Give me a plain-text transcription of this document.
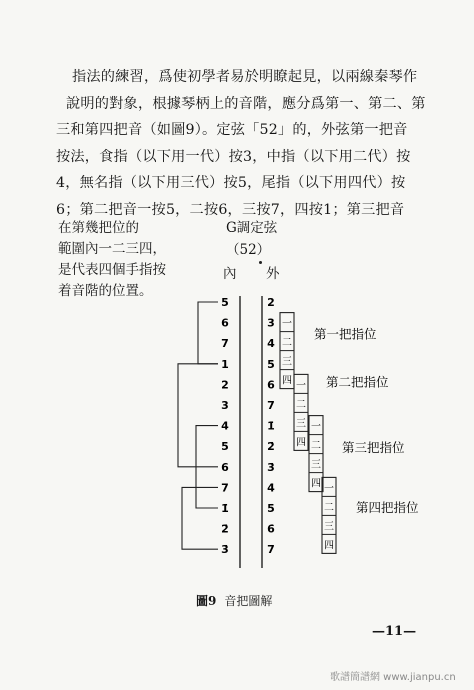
指法的練習，爲使初學者易於明瞭起見，以兩線秦琴作
說明的對象，根據琴柄上的音階，應分爲第一、第二、第
三和第四把音（如圖9）。定弦「52」的，外弦第一把音
按法，食指（以下用一代）按3，中指（以下用二代）按
4，無名指（以下用三代）按5，尾指（以下用四代）按
6；第二把音一按5，二按6，三按7，四按1；第三把音
在第幾把位的
範圍內一二三四，
是代表四個手指按
着音階的位置。
G調定弦
（52）
內 外
5
6
7
1
2
3
4
5
6
7
1̇
2̇
3̇
2
3
4
5
6
7
1̇
2̇
3̇
4̇
5̇
6̇
7̇
一
二
三
四
第一把指位
一
二
三
四
第二把指位
一
二
三
四
第三把指位
一
二
三
四
第四把指位
圖9 音把圖解
—11—
歌譜簡譜網 www.jianpu.cn
